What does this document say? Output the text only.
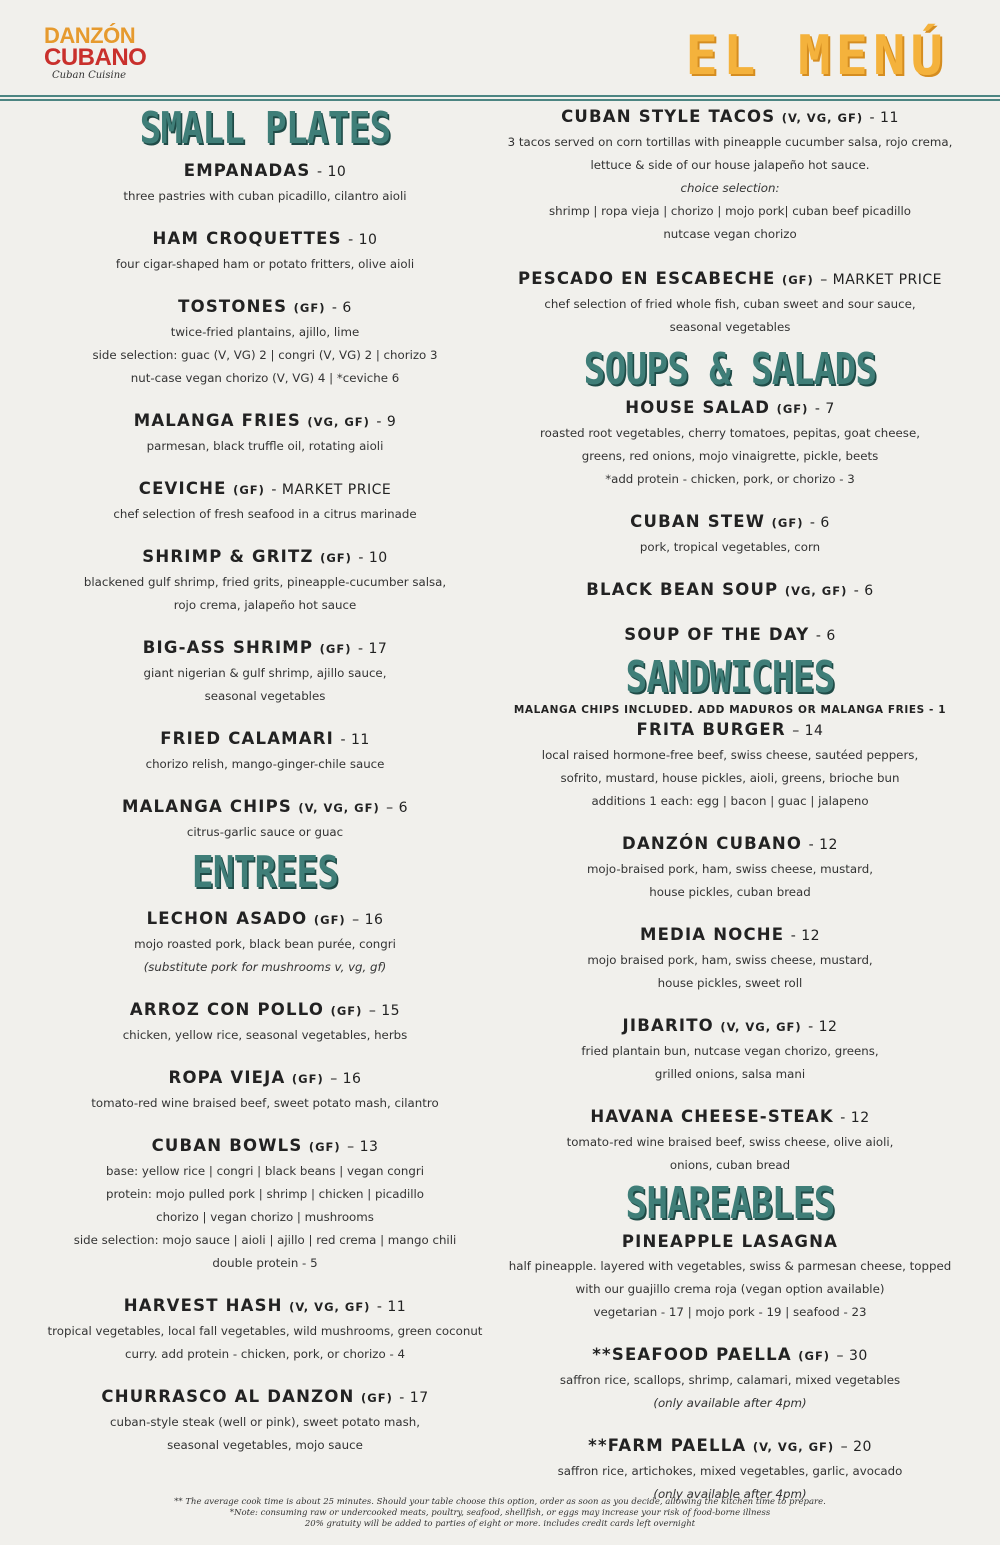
DANZÓN
CUBANO
Cuban Cuisine	EL MENÚ
SMALL PLATES
EMPANADAS - 10
three pastries with cuban picadillo, cilantro aioli
HAM CROQUETTES - 10
four cigar-shaped ham or potato fritters, olive aioli
TOSTONES (GF) - 6
twice-fried plantains, ajillo, lime
side selection: guac (V, VG) 2 | congri (V, VG) 2 | chorizo 3
nut-case vegan chorizo (V, VG) 4 | *ceviche 6
MALANGA FRIES (VG, GF) - 9
parmesan, black truffle oil, rotating aioli
CEVICHE (GF) - MARKET PRICE
chef selection of fresh seafood in a citrus marinade
SHRIMP & GRITZ (GF) - 10
blackened gulf shrimp, fried grits, pineapple-cucumber salsa,
rojo crema, jalapeño hot sauce
BIG-ASS SHRIMP (GF) - 17
giant nigerian & gulf shrimp, ajillo sauce,
seasonal vegetables
FRIED CALAMARI - 11
chorizo relish, mango-ginger-chile sauce
MALANGA CHIPS (V, VG, GF) – 6
citrus-garlic sauce or guac
ENTREES
LECHON ASADO (GF) – 16
mojo roasted pork, black bean purée, congri
(substitute pork for mushrooms v, vg, gf)
ARROZ CON POLLO (GF) – 15
chicken, yellow rice, seasonal vegetables, herbs
ROPA VIEJA (GF) – 16
tomato-red wine braised beef, sweet potato mash, cilantro
CUBAN BOWLS (GF) – 13
base: yellow rice | congri | black beans | vegan congri
protein: mojo pulled pork | shrimp | chicken | picadillo
chorizo | vegan chorizo | mushrooms
side selection: mojo sauce | aioli | ajillo | red crema | mango chili
double protein - 5
HARVEST HASH (V, VG, GF) - 11
tropical vegetables, local fall vegetables, wild mushrooms, green coconut
curry. add protein - chicken, pork, or chorizo - 4
CHURRASCO AL DANZON (GF) - 17
cuban-style steak (well or pink), sweet potato mash,
seasonal vegetables, mojo sauce
CUBAN STYLE TACOS (V, VG, GF) - 11
3 tacos served on corn tortillas with pineapple cucumber salsa, rojo crema,
lettuce & side of our house jalapeño hot sauce.
choice selection:
shrimp | ropa vieja | chorizo | mojo pork| cuban beef picadillo
nutcase vegan chorizo
PESCADO EN ESCABECHE (GF) – MARKET PRICE
chef selection of fried whole fish, cuban sweet and sour sauce,
seasonal vegetables
SOUPS & SALADS
HOUSE SALAD (GF) - 7
roasted root vegetables, cherry tomatoes, pepitas, goat cheese,
greens, red onions, mojo vinaigrette, pickle, beets
*add protein - chicken, pork, or chorizo - 3
CUBAN STEW (GF) - 6
pork, tropical vegetables, corn
BLACK BEAN SOUP (VG, GF) - 6
SOUP OF THE DAY - 6
SANDWICHES
MALANGA CHIPS INCLUDED. ADD MADUROS OR MALANGA FRIES - 1
FRITA BURGER – 14
local raised hormone-free beef, swiss cheese, sautéed peppers,
sofrito, mustard, house pickles, aioli, greens, brioche bun
additions 1 each: egg | bacon | guac | jalapeno
DANZÓN CUBANO - 12
mojo-braised pork, ham, swiss cheese, mustard,
house pickles, cuban bread
MEDIA NOCHE - 12
mojo braised pork, ham, swiss cheese, mustard,
house pickles, sweet roll
JIBARITO (V, VG, GF) - 12
fried plantain bun, nutcase vegan chorizo, greens,
grilled onions, salsa mani
HAVANA CHEESE-STEAK - 12
tomato-red wine braised beef, swiss cheese, olive aioli,
onions, cuban bread
SHAREABLES
PINEAPPLE LASAGNA
half pineapple. layered with vegetables, swiss & parmesan cheese, topped
with our guajillo crema roja (vegan option available)
vegetarian - 17 | mojo pork - 19 | seafood - 23
**SEAFOOD PAELLA (GF) – 30
saffron rice, scallops, shrimp, calamari, mixed vegetables
(only available after 4pm)
**FARM PAELLA (V, VG, GF) – 20
saffron rice, artichokes, mixed vegetables, garlic, avocado
(only available after 4pm)
** The average cook time is about 25 minutes. Should your table choose this option, order as soon as you decide, allowing the kitchen time to prepare.
*Note: consuming raw or undercooked meats, poultry, seafood, shellfish, or eggs may increase your risk of food-borne illness
20% gratuity will be added to parties of eight or more. includes credit cards left overnight
